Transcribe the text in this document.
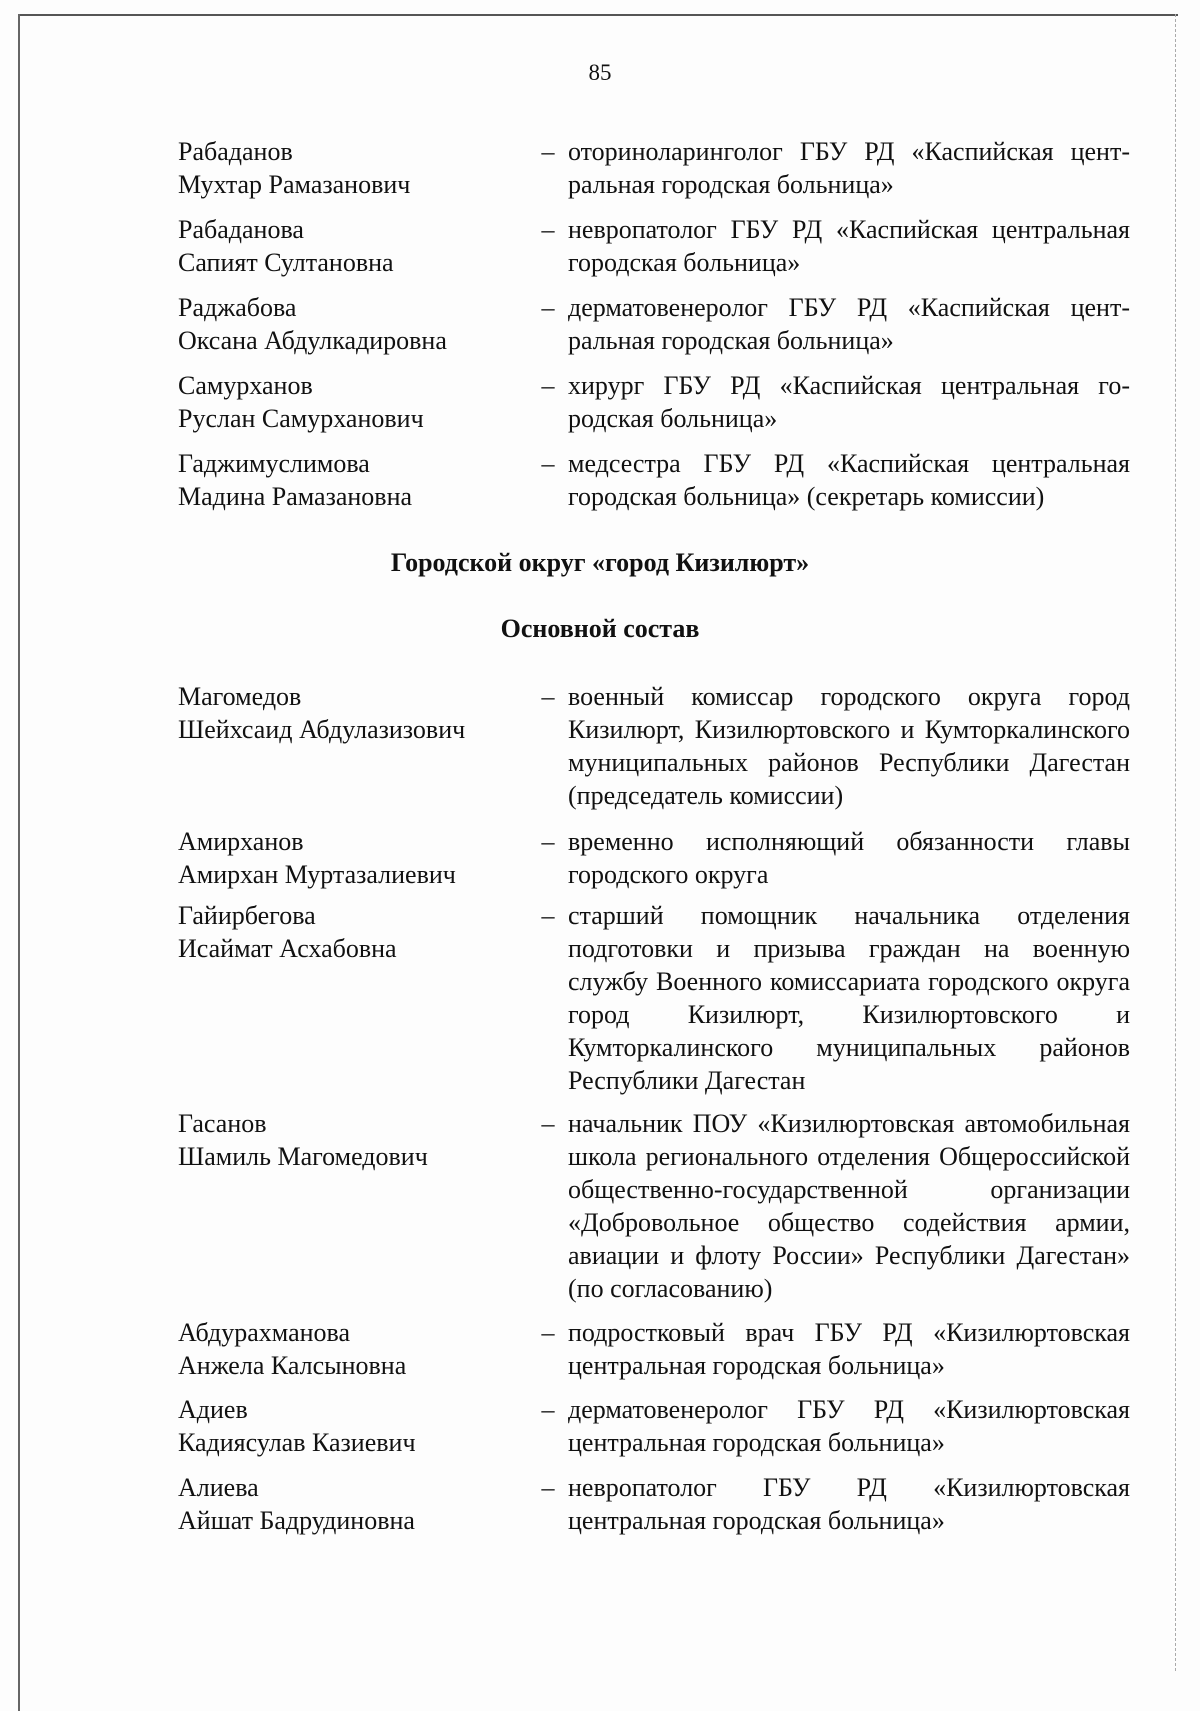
85
Рабаданов
Мухтар Рамазанович
– оториноларинголог ГБУ РД «Каспийская центральная городская больница»
Рабаданова
Сапият Султановна
– невропатолог ГБУ РД «Каспийская центральная городская больница»
Раджабова
Оксана Абдулкадировна
– дерматовенеролог ГБУ РД «Каспийская центральная городская больница»
Самурханов
Руслан Самурханович
– хирург ГБУ РД «Каспийская центральная городская больница»
Гаджимуслимова
Мадина Рамазановна
– медсестра ГБУ РД «Каспийская центральная городская больница» (секретарь комиссии)
Городской округ «город Кизилюрт»
Основной состав
Магомедов
Шейхсаид Абдулазизович
– военный комиссар городского округа город Кизилюрт, Кизилюртовского и Кумторкалинского муниципальных районов Республики Дагестан (председатель комиссии)
Амирханов
Амирхан Муртазалиевич
– временно исполняющий обязанности главы городского округа
Гайирбегова
Исаймат Асхабовна
– старший помощник начальника отделения подготовки и призыва граждан на военную службу Военного комиссариата городского округа город Кизилюрт, Кизилюртовского и Кумторкалинского муниципальных районов Республики Дагестан
Гасанов
Шамиль Магомедович
– начальник ПОУ «Кизилюртовская автомобильная школа регионального отделения Общероссийской общественно-государственной организации «Добровольное общество содействия армии, авиации и флоту России» Республики Дагестан» (по согласованию)
Абдурахманова
Анжела Калсыновна
– подростковый врач ГБУ РД «Кизилюртовская центральная городская больница»
Адиев
Кадиясулав Казиевич
– дерматовенеролог ГБУ РД «Кизилюртовская центральная городская больница»
Алиева
Айшат Бадрудиновна
– невропатолог ГБУ РД «Кизилюртовская центральная городская больница»
